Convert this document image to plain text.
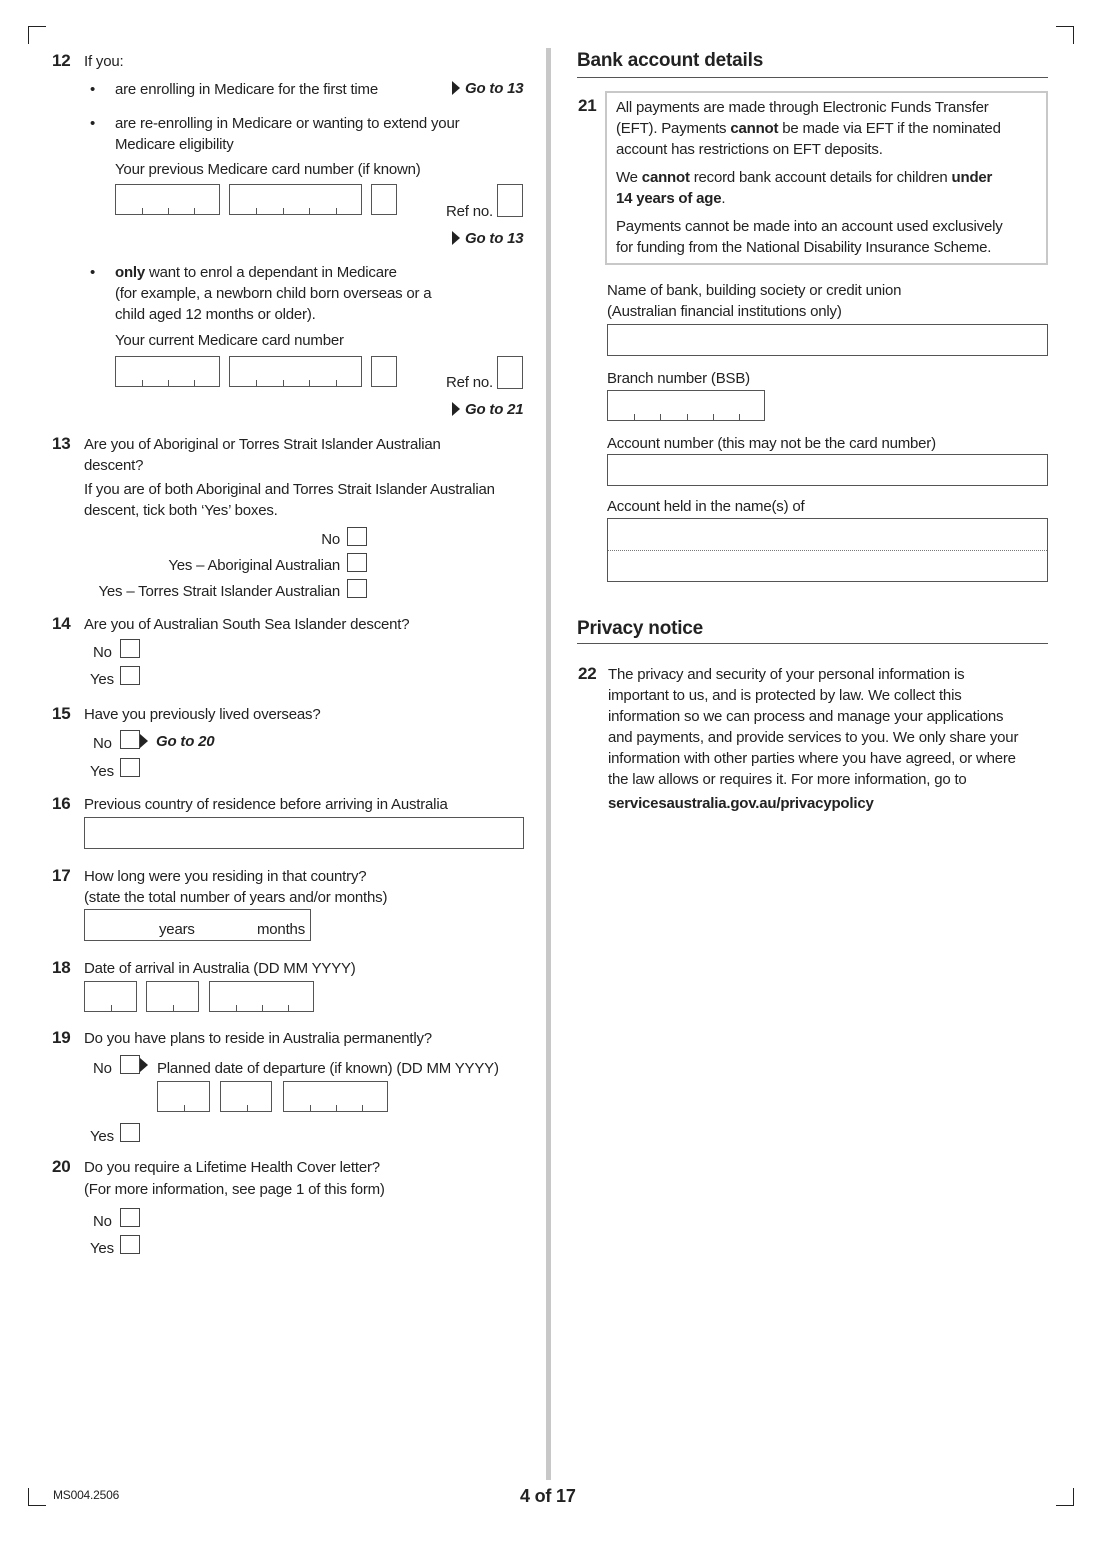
12 If you:
• are enrolling in Medicare for the first time	Go to 13
• are re-enrolling in Medicare or wanting to extend your
Medicare eligibility
Your previous Medicare card number (if known)
Ref no.
Go to 13
• only want to enrol a dependant in Medicare
(for example, a newborn child born overseas or a
child aged 12 months or older).
Your current Medicare card number
Ref no.
Go to 21
13 Are you of Aboriginal or Torres Strait Islander Australian
descent?
If you are of both Aboriginal and Torres Strait Islander Australian
descent, tick both ‘Yes’ boxes.
No
Yes – Aboriginal Australian
Yes – Torres Strait Islander Australian
14 Are you of Australian South Sea Islander descent?
No
Yes
15 Have you previously lived overseas?
No	Go to 20
Yes
16 Previous country of residence before arriving in Australia
17 How long were you residing in that country?
(state the total number of years and/or months)
years	months
18 Date of arrival in Australia (DD MM YYYY)
19 Do you have plans to reside in Australia permanently?
No	Planned date of departure (if known) (DD MM YYYY)
Yes
20 Do you require a Lifetime Health Cover letter?
(For more information, see page 1 of this form)
No
Yes
Bank account details
21 All payments are made through Electronic Funds Transfer
(EFT). Payments cannot be made via EFT if the nominated
account has restrictions on EFT deposits.
We cannot record bank account details for children under
14 years of age.
Payments cannot be made into an account used exclusively
for funding from the National Disability Insurance Scheme.
Name of bank, building society or credit union
(Australian financial institutions only)
Branch number (BSB)
Account number (this may not be the card number)
Account held in the name(s) of
Privacy notice
22 The privacy and security of your personal information is
important to us, and is protected by law. We collect this
information so we can process and manage your applications
and payments, and provide services to you. We only share your
information with other parties where you have agreed, or where
the law allows or requires it. For more information, go to
servicesaustralia.gov.au/privacypolicy
MS004.2506	4 of 17
